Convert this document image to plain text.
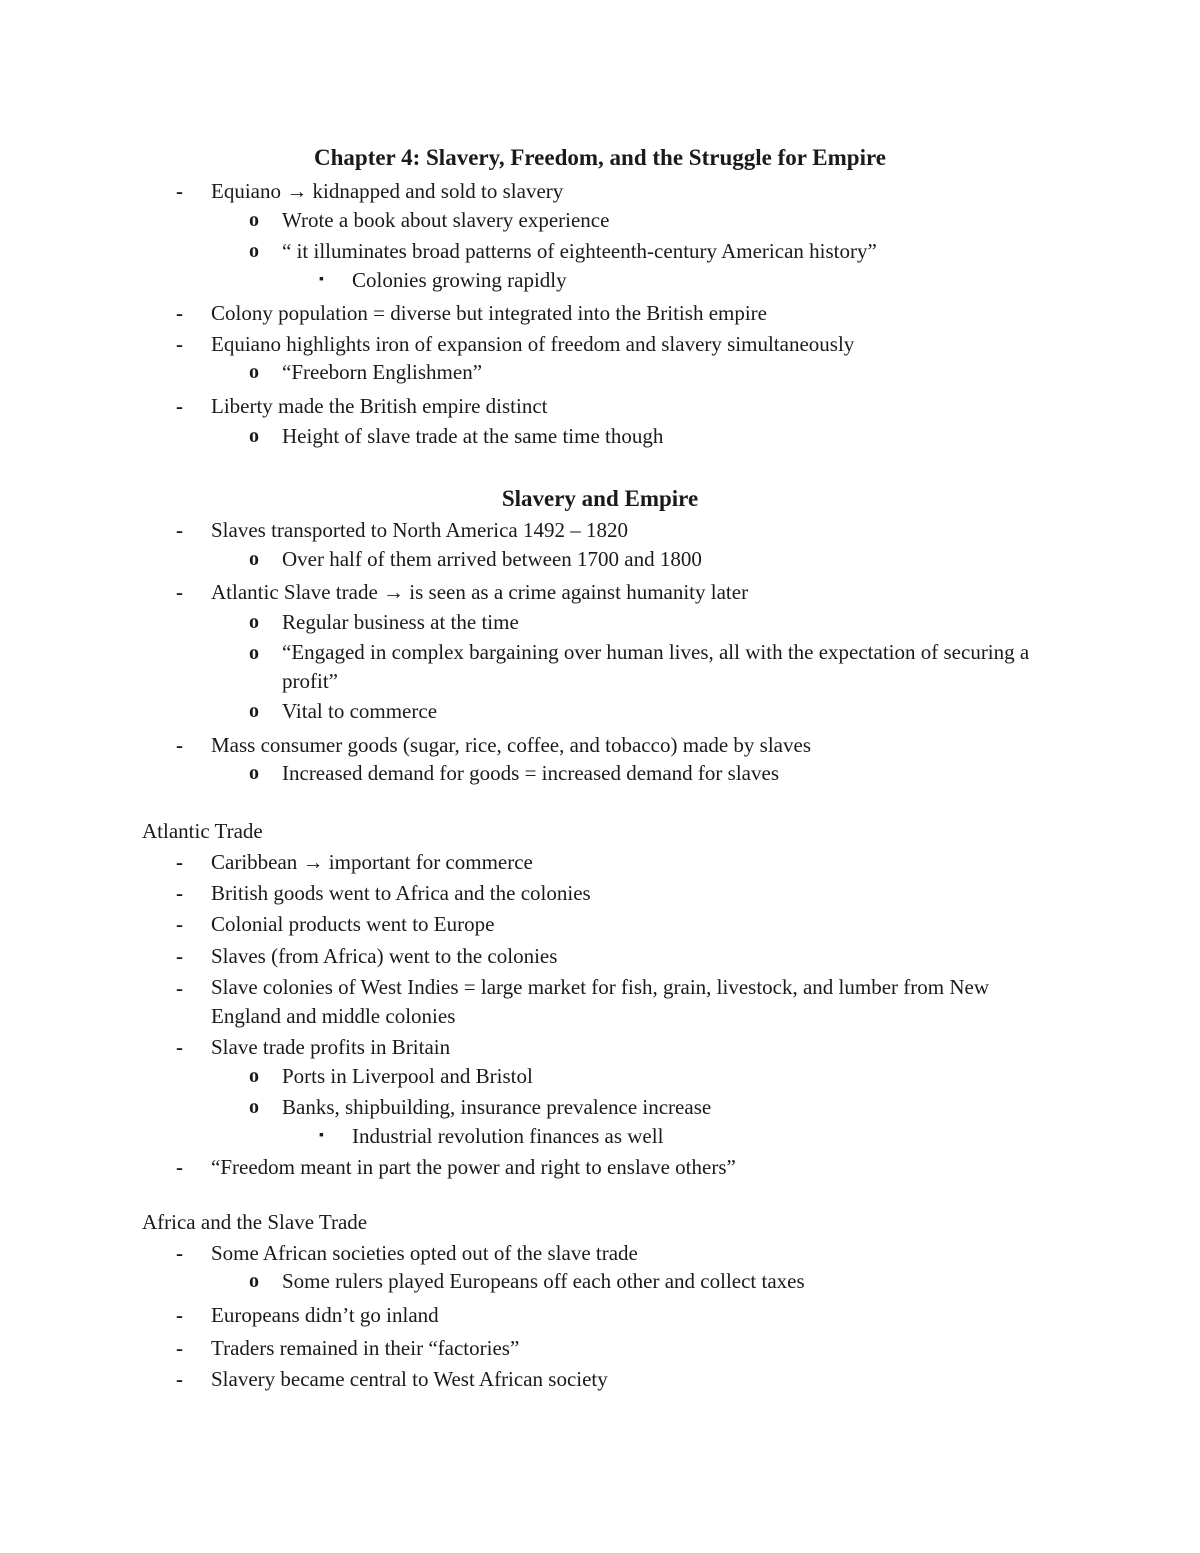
Chapter 4: Slavery, Freedom, and the Struggle for Empire
- Equiano → kidnapped and sold to slavery
o Wrote a book about slavery experience
o “ it illuminates broad patterns of eighteenth-century American history”
▪ Colonies growing rapidly
- Colony population = diverse but integrated into the British empire
- Equiano highlights iron of expansion of freedom and slavery simultaneously
o “Freeborn Englishmen”
- Liberty made the British empire distinct
o Height of slave trade at the same time though
Slavery and Empire
- Slaves transported to North America 1492 – 1820
o Over half of them arrived between 1700 and 1800
- Atlantic Slave trade → is seen as a crime against humanity later
o Regular business at the time
o “Engaged in complex bargaining over human lives, all with the expectation of securing a profit”
o Vital to commerce
- Mass consumer goods (sugar, rice, coffee, and tobacco) made by slaves
o Increased demand for goods = increased demand for slaves

Atlantic Trade

- Caribbean → important for commerce
- British goods went to Africa and the colonies
- Colonial products went to Europe
- Slaves (from Africa) went to the colonies
- Slave colonies of West Indies = large market for fish, grain, livestock, and lumber from New England and middle colonies
- Slave trade profits in Britain
o Ports in Liverpool and Bristol
o Banks, shipbuilding, insurance prevalence increase
▪ Industrial revolution finances as well
- “Freedom meant in part the power and right to enslave others”

Africa and the Slave Trade

- Some African societies opted out of the slave trade
o Some rulers played Europeans off each other and collect taxes
- Europeans didn’t go inland
- Traders remained in their “factories”
- Slavery became central to West African society
